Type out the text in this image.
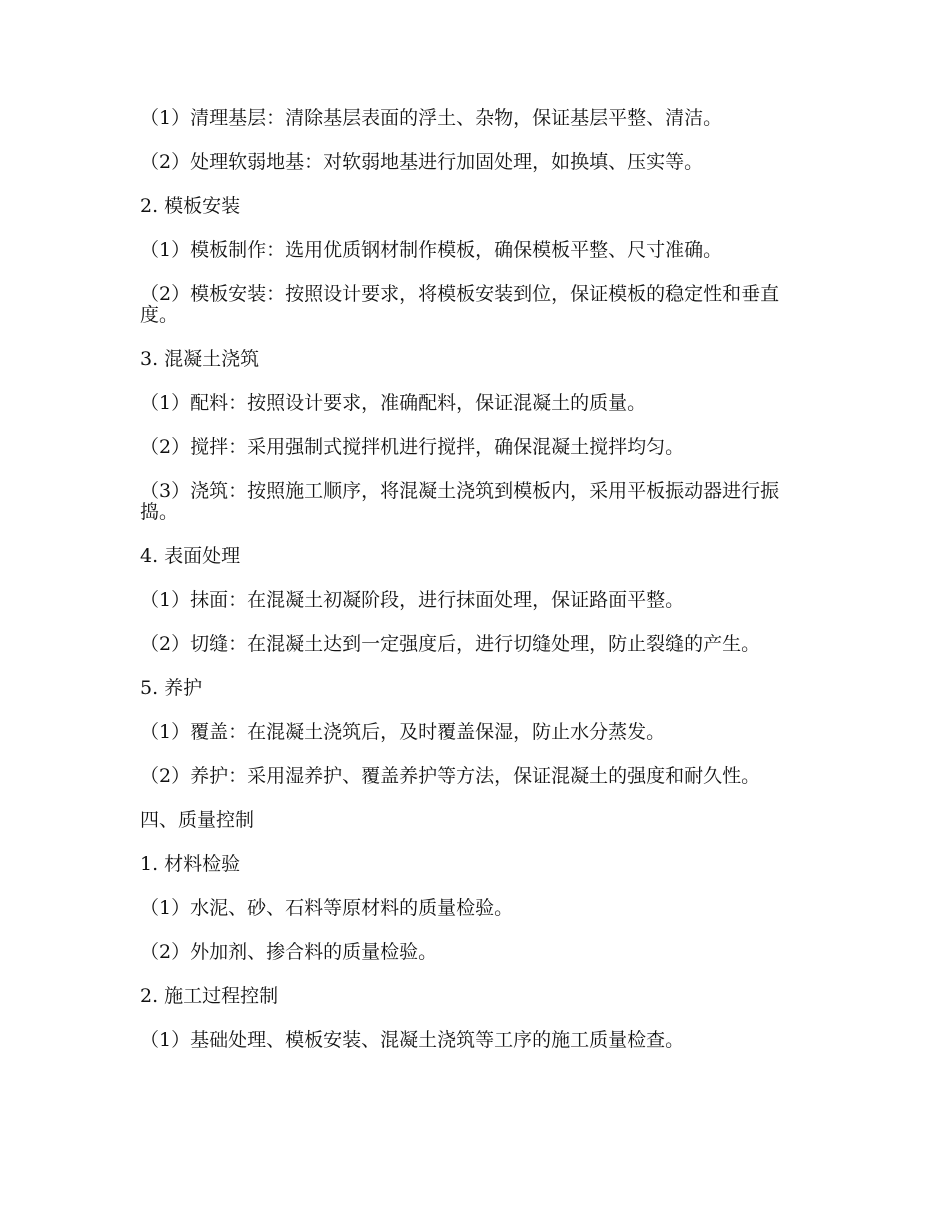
（1）清理基层：清除基层表面的浮土、杂物，保证基层平整、清洁。

（2）处理软弱地基：对软弱地基进行加固处理，如换填、压实等。

2. 模板安装

（1）模板制作：选用优质钢材制作模板，确保模板平整、尺寸准确。

（2）模板安装：按照设计要求，将模板安装到位，保证模板的稳定性和垂直度。

3. 混凝土浇筑

（1）配料：按照设计要求，准确配料，保证混凝土的质量。

（2）搅拌：采用强制式搅拌机进行搅拌，确保混凝土搅拌均匀。

（3）浇筑：按照施工顺序，将混凝土浇筑到模板内，采用平板振动器进行振捣。

4. 表面处理

（1）抹面：在混凝土初凝阶段，进行抹面处理，保证路面平整。

（2）切缝：在混凝土达到一定强度后，进行切缝处理，防止裂缝的产生。

5. 养护

（1）覆盖：在混凝土浇筑后，及时覆盖保湿，防止水分蒸发。

（2）养护：采用湿养护、覆盖养护等方法，保证混凝土的强度和耐久性。

四、质量控制

1. 材料检验

（1）水泥、砂、石料等原材料的质量检验。

（2）外加剂、掺合料的质量检验。

2. 施工过程控制

（1）基础处理、模板安装、混凝土浇筑等工序的施工质量检查。
